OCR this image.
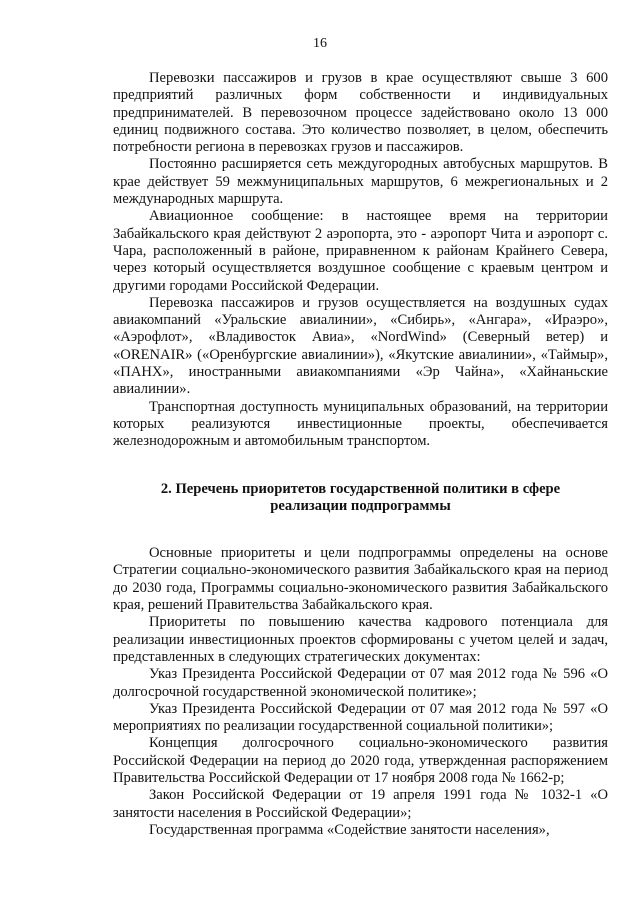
16

Перевозки пассажиров и грузов в крае осуществляют свыше 3 600 предприятий различных форм собственности и индивидуальных предпринимателей. В перевозочном процессе задействовано около 13 000 единиц подвижного состава. Это количество позволяет, в целом, обеспечить потребности региона в перевозках грузов и пассажиров.

Постоянно расширяется сеть междугородных автобусных маршрутов. В крае действует 59 межмуниципальных маршрутов, 6 межрегиональных и 2 международных маршрута.

Авиационное сообщение: в настоящее время на территории Забайкальского края действуют 2 аэропорта, это - аэропорт Чита и аэропорт с. Чара, расположенный в районе, приравненном к районам Крайнего Севера, через который осуществляется воздушное сообщение с краевым центром и другими городами Российской Федерации.

Перевозка пассажиров и грузов осуществляется на воздушных судах авиакомпаний «Уральские авиалинии», «Сибирь», «Ангара», «Ираэро», «Аэрофлот», «Владивосток Авиа», «NordWind» (Северный ветер) и «ORENAIR» («Оренбургские авиалинии»), «Якутские авиалинии», «Таймыр», «ПАНХ», иностранными авиакомпаниями «Эр Чайна», «Хайнаньские авиалинии».

Транспортная доступность муниципальных образований, на территории которых реализуются инвестиционные проекты, обеспечивается железнодорожным и автомобильным транспортом.

2. Перечень приоритетов государственной политики в сфере реализации подпрограммы

Основные приоритеты и цели подпрограммы определены на основе Стратегии социально-экономического развития Забайкальского края на период до 2030 года, Программы социально-экономического развития Забайкальского края, решений Правительства Забайкальского края.

Приоритеты по повышению качества кадрового потенциала для реализации инвестиционных проектов сформированы с учетом целей и задач, представленных в следующих стратегических документах:

Указ Президента Российской Федерации от 07 мая 2012 года № 596 «О долгосрочной государственной экономической политике»;

Указ Президента Российской Федерации от 07 мая 2012 года № 597 «О мероприятиях по реализации государственной социальной политики»;

Концепция долгосрочного социально-экономического развития Российской Федерации на период до 2020 года, утвержденная распоряжением Правительства Российской Федерации от 17 ноября 2008 года № 1662-р;

Закон Российской Федерации от 19 апреля 1991 года № 1032-1 «О занятости населения в Российской Федерации»;

Государственная программа «Содействие занятости населения»,
